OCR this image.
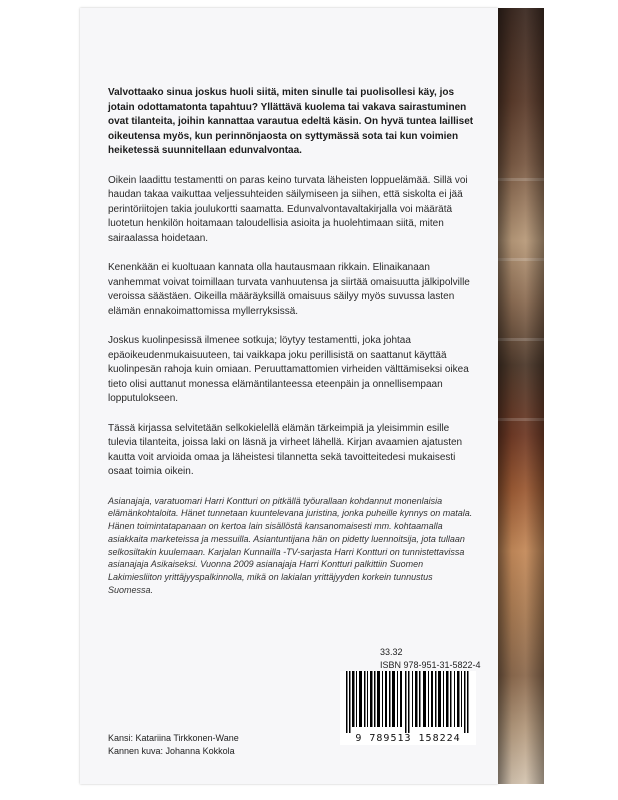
Valvottaako sinua joskus huoli siitä, miten sinulle tai puolisollesi käy, jos jotain odottamatonta tapahtuu? Yllättävä kuolema tai vakava sairastuminen ovat tilanteita, joihin kannattaa varautua edeltä käsin. On hyvä tuntea lailliset oikeutensa myös, kun perinnönjaosta on syttymässä sota tai kun voimien heiketessä suunnitellaan edunvalvontaa.

Oikein laadittu testamentti on paras keino turvata läheisten loppuelämää. Sillä voi haudan takaa vaikuttaa veljessuhteiden säilymiseen ja siihen, että siskolta ei jää perintöriitojen takia joulukortti saamatta. Edunvalvontavaltakirjalla voi määrätä luotetun henkilön hoitamaan taloudellisia asioita ja huolehtimaan siitä, miten sairaalassa hoidetaan.

Kenenkään ei kuoltuaan kannata olla hautausmaan rikkain. Elinaikanaan vanhemmat voivat toimillaan turvata vanhuutensa ja siirtää omaisuutta jälkipolville veroissa säästäen. Oikeilla määräyksillä omaisuus säilyy myös suvussa lasten elämän ennakoimattomissa myllerryksissä.

Joskus kuolinpesissä ilmenee sotkuja; löytyy testamentti, joka johtaa epäoikeudenmukaisuuteen, tai vaikkapa joku perillisistä on saattanut käyttää kuolinpesän rahoja kuin omiaan. Peruuttamattomien virheiden välttämiseksi oikea tieto olisi auttanut monessa elämäntilanteessa eteenpäin ja onnellisempaan lopputulokseen.

Tässä kirjassa selvitetään selkokielellä elämän tärkeimpiä ja yleisimmin esille tulevia tilanteita, joissa laki on läsnä ja virheet lähellä. Kirjan avaamien ajatusten kautta voit arvioida omaa ja läheistesi tilannetta sekä tavoitteitedesi mukaisesti osaat toimia oikein.

Asianajaja, varatuomari Harri Kontturi on pitkällä työurallaan kohdannut monenlaisia elämänkohtaloita. Hänet tunnetaan kuuntelevana juristina, jonka puheille kynnys on matala. Hänen toimintatapanaan on kertoa lain sisällöstä kansanomaisesti mm. kohtaamalla asiakkaita marketeissa ja messuilla. Asiantuntijana hän on pidetty luennoitsija, jota tullaan selkosiltakin kuulemaan. Karjalan Kunnailla -TV-sarjasta Harri Kontturi on tunnistettavissa asianajaja Asikaiseksi. Vuonna 2009 asianajaja Harri Kontturi palkittiin Suomen Lakimiesliiton yrittäjyyspalkinnolla, mikä on lakialan yrittäjyyden korkein tunnustus Suomessa.

33.32
ISBN 978-951-31-5822-4
9 789513 158224
Kansi: Katariina Tirkkonen-Wane
Kannen kuva: Johanna Kokkola
